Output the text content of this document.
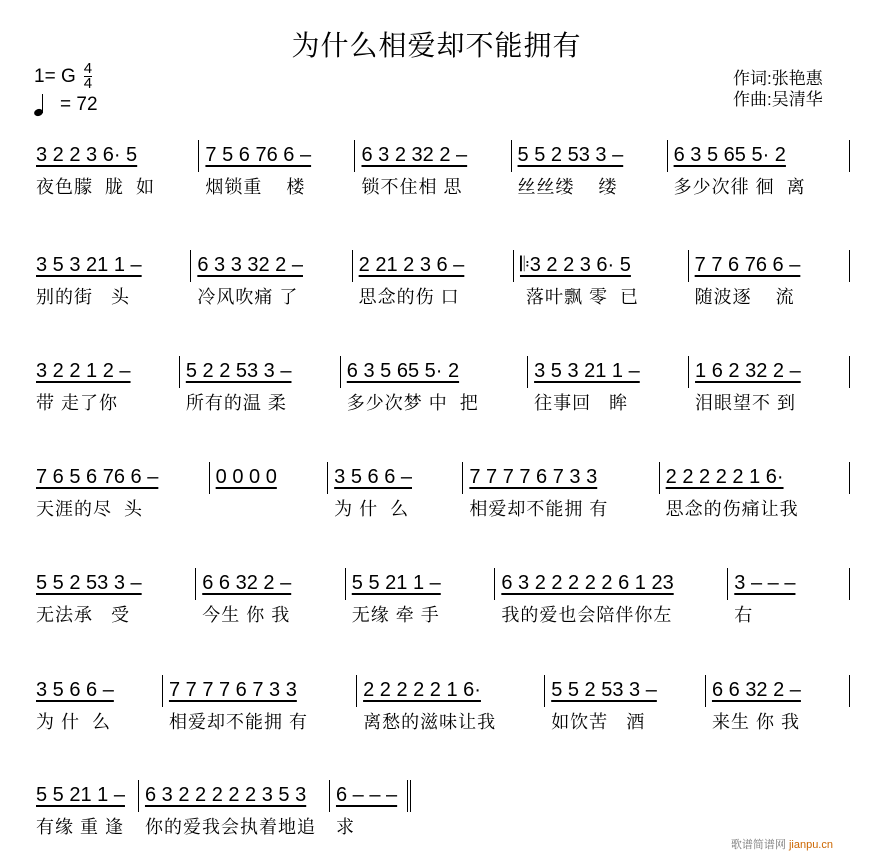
为什么相爱却不能拥有
1= G 4
4
= 72
作词:张艳惠
作曲:吴清华
3 2 2 3 6· 5
夜色朦  胧  如
7 5 6 76 6 –
烟锁重    楼
6 3 2 32 2 –
锁不住相 思
5 5 2 53 3 –
丝丝缕    缕
6 3 5 65 5· 2
多少次徘 徊  离
3 5 3 21 1 –
别的街   头
6 3 3 32 2 –
冷风吹痛 了
2 21 2 3 6 –
思念的伤 口
𝄆3 2 2 3 6· 5
落叶飘 零  已
7 7 6 76 6 –
随波逐    流
3 2 2 1 2 –
带 走了你
5 2 2 53 3 –
所有的温 柔
6 3 5 65 5· 2
多少次梦 中  把
3 5 3 21 1 –
往事回   眸
1 6 2 32 2 –
泪眼望不 到
7 6 5 6 76 6 –
天涯的尽  头
0 0 0 0	3 5 6 6 –
为 什  么
7 7 7 7 6 7 3 3
相爱却不能拥 有
2 2 2 2 2 1 6·
思念的伤痛让我
5 5 2 53 3 –
无法承   受
6 6 32 2 –
今生 你 我
5 5 21 1 –
无缘 牵 手
6 3 2 2 2 2 2 6 1 23
我的爱也会陪伴你左
3 – – –
右
3 5 6 6 –
为 什  么
7 7 7 7 6 7 3 3
相爱却不能拥 有
2 2 2 2 2 1 6·
离愁的滋味让我
5 5 2 53 3 –
如饮苦   酒
6 6 32 2 –
来生 你 我
5 5 21 1 –
有缘 重 逢
6 3 2 2 2 2 2 3 5 3
你的爱我会执着地追
6 – – –
求
歌谱简谱网 jianpu.cn
